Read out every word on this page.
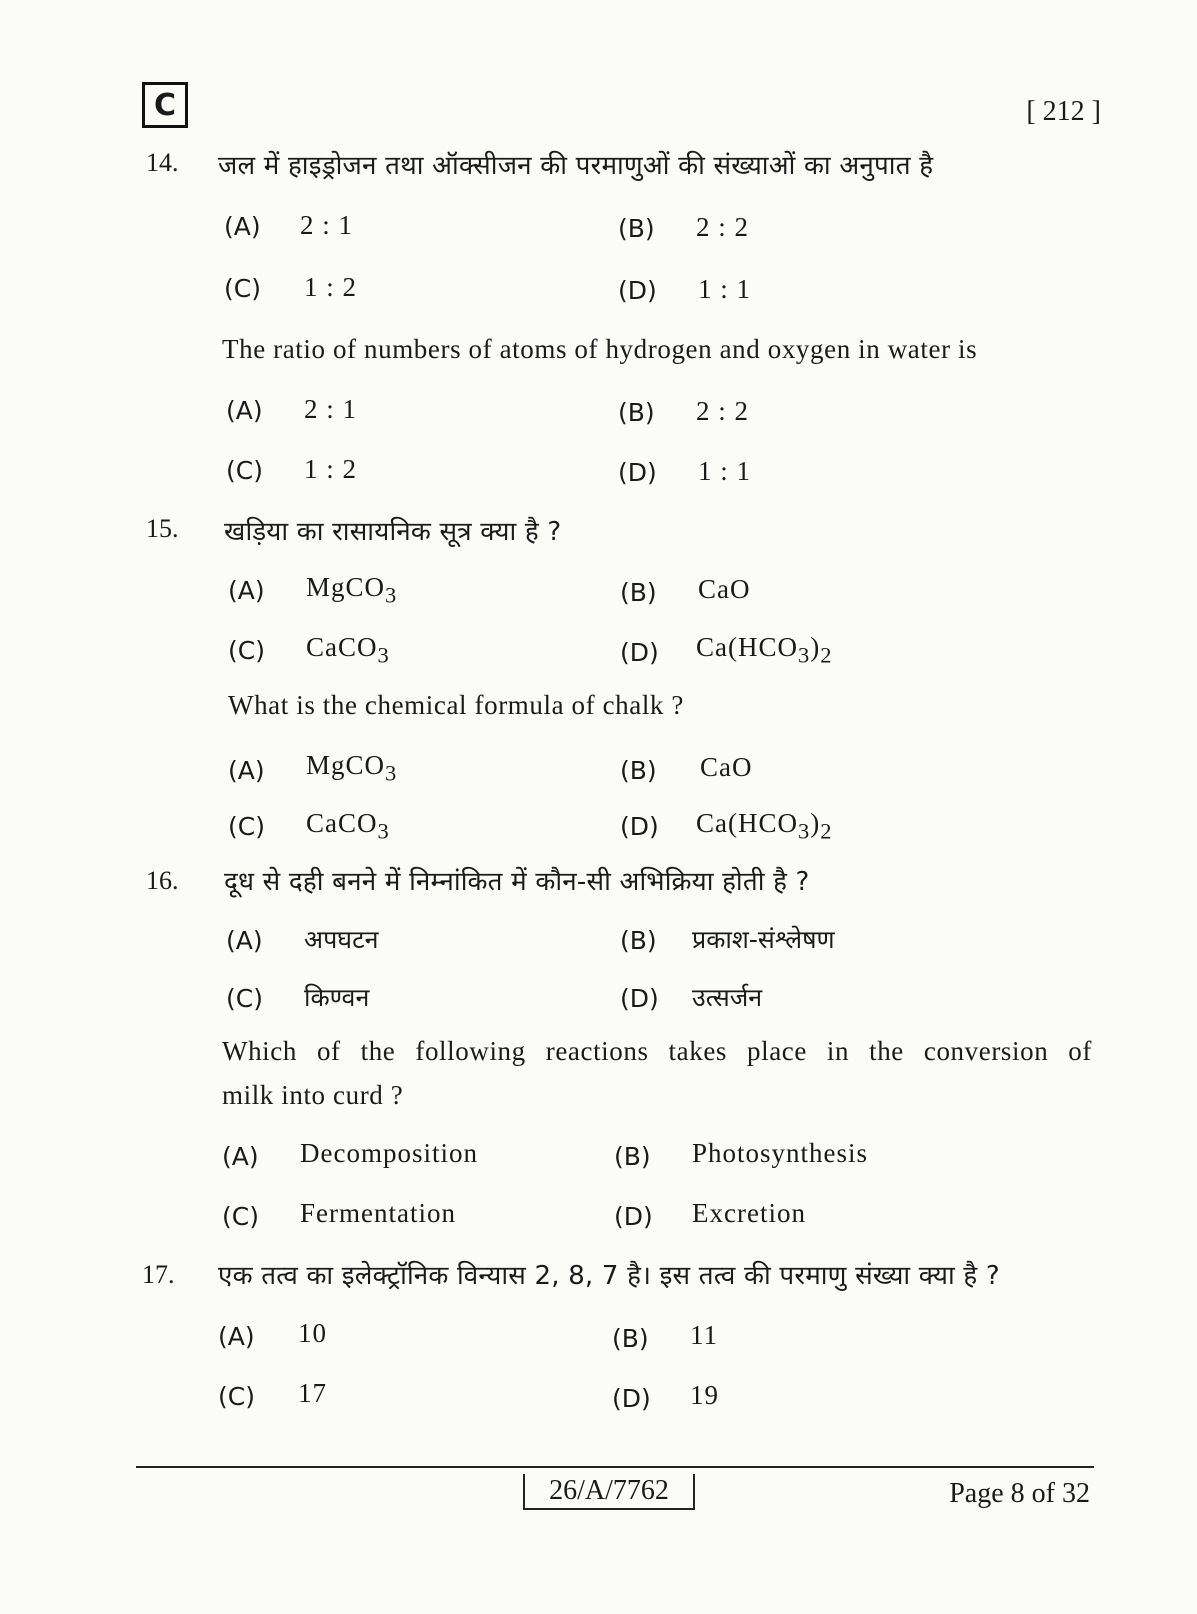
C	[ 212 ]
14. जल में हाइड्रोजन तथा ऑक्सीजन की परमाणुओं की संख्याओं का अनुपात है
(A) 2 : 1	(B) 2 : 2
(C) 1 : 2	(D) 1 : 1
The ratio of numbers of atoms of hydrogen and oxygen in water is
(A) 2 : 1	(B) 2 : 2
(C) 1 : 2	(D) 1 : 1
15. खड़िया का रासायनिक सूत्र क्या है ?
(A) MgCO$_3$	(B) CaO
(C) CaCO$_3$	(D) $Ca(HCO_3)_2$
What is the chemical formula of chalk ?
(A) MgCO$_3$	(B) CaO
(C) CaCO$_3$	(D) $Ca(HCO_3)_2$
16. दूध से दही बनने में निम्नांकित में कौन-सी अभिक्रिया होती है ?
(A) अपघटन	(B) प्रकाश-संश्लेषण
(C) किण्वन	(D) उत्सर्जन
Which of the following reactions takes place in the conversion of
milk into curd ?
(A) Decomposition	(B) Photosynthesis
(C) Fermentation	(D) Excretion
17. एक तत्व का इलेक्ट्रॉनिक विन्यास 2, 8, 7 है। इस तत्व की परमाणु संख्या क्या है ?
(A) 10	(B) 11
(C) 17	(D) 19
26/A/7762	Page 8 of 32
